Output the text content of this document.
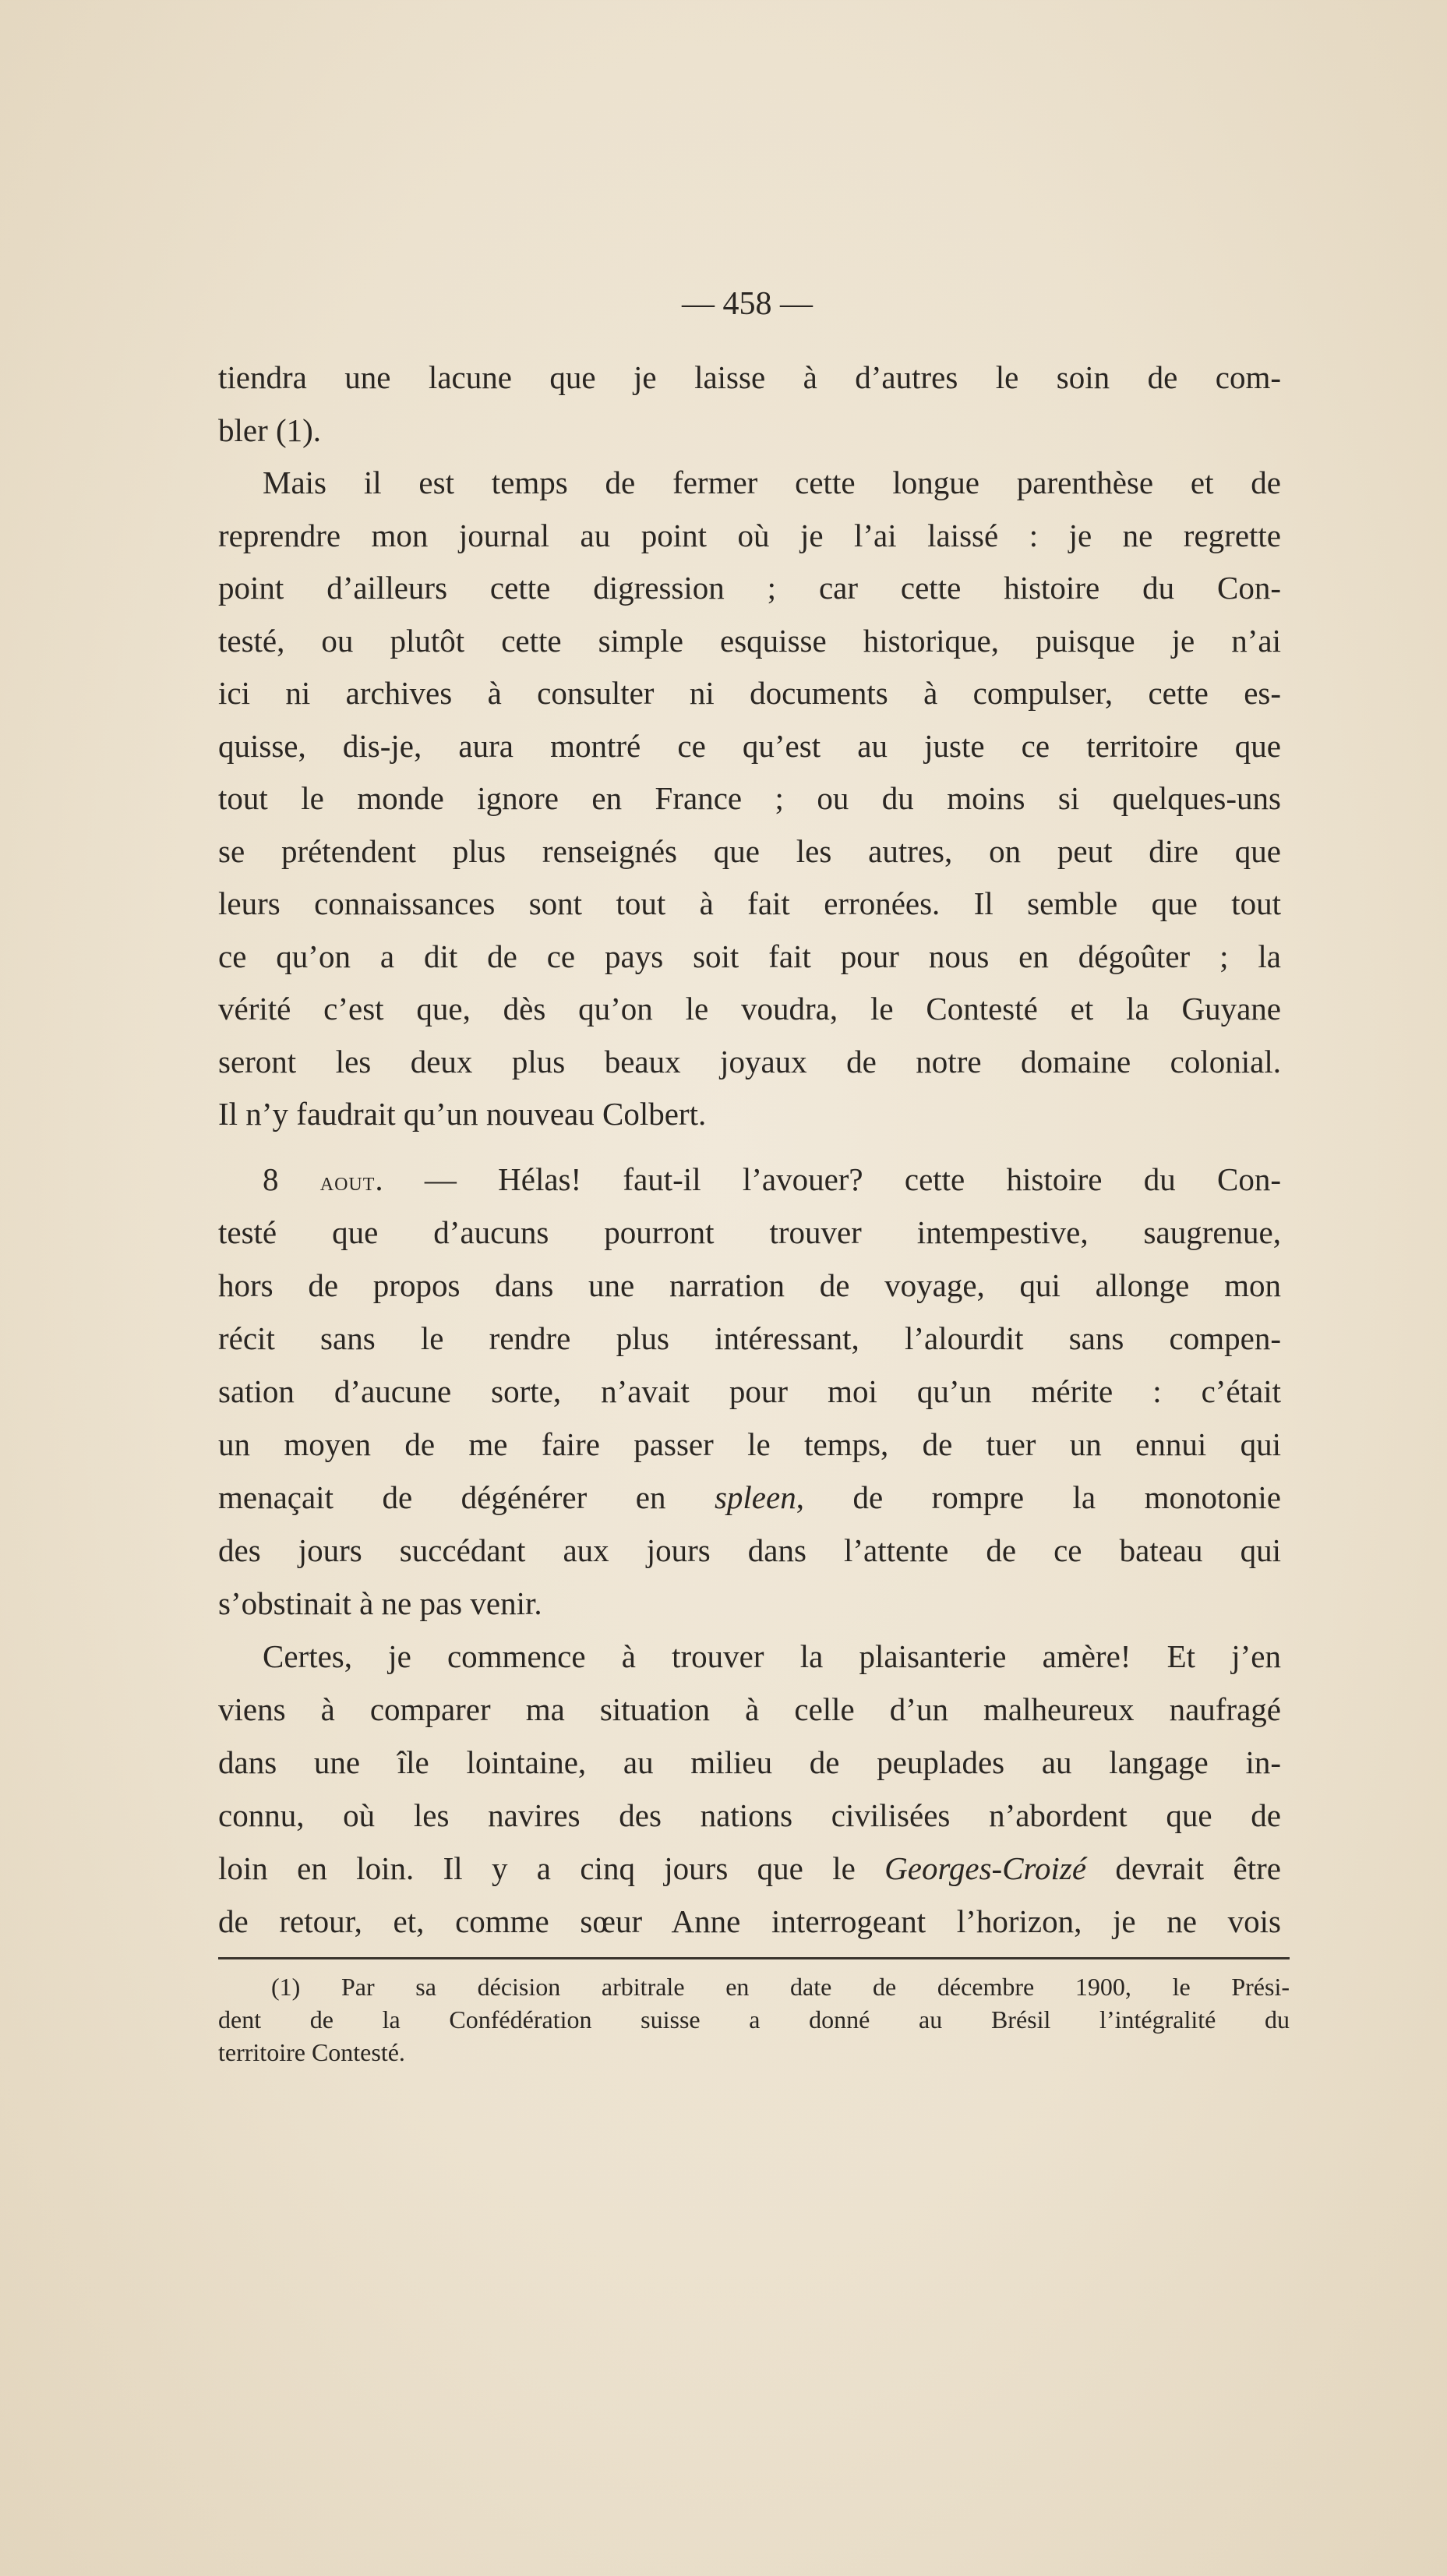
— 458 —
tiendra une lacune que je laisse à d’autres le soin de com-
bler (1).
Mais il est temps de fermer cette longue parenthèse et de
reprendre mon journal au point où je l’ai laissé : je ne regrette
point d’ailleurs cette digression ; car cette histoire du Con-
testé, ou plutôt cette simple esquisse historique, puisque je n’ai
ici ni archives à consulter ni documents à compulser, cette es-
quisse, dis-je, aura montré ce qu’est au juste ce territoire que
tout le monde ignore en France ; ou du moins si quelques-uns
se prétendent plus renseignés que les autres, on peut dire que
leurs connaissances sont tout à fait erronées. Il semble que tout
ce qu’on a dit de ce pays soit fait pour nous en dégoûter ; la
vérité c’est que, dès qu’on le voudra, le Contesté et la Guyane
seront les deux plus beaux joyaux de notre domaine colonial.
Il n’y faudrait qu’un nouveau Colbert.
8 aout. — Hélas! faut-il l’avouer? cette histoire du Con-
testé que d’aucuns pourront trouver intempestive, saugrenue,
hors de propos dans une narration de voyage, qui allonge mon
récit sans le rendre plus intéressant, l’alourdit sans compen-
sation d’aucune sorte, n’avait pour moi qu’un mérite : c’était
un moyen de me faire passer le temps, de tuer un ennui qui
menaçait de dégénérer en spleen, de rompre la monotonie
des jours succédant aux jours dans l’attente de ce bateau qui
s’obstinait à ne pas venir.
Certes, je commence à trouver la plaisanterie amère! Et j’en
viens à comparer ma situation à celle d’un malheureux naufragé
dans une île lointaine, au milieu de peuplades au langage in-
connu, où les navires des nations civilisées n’abordent que de
loin en loin. Il y a cinq jours que le Georges-Croizé devrait être
de retour, et, comme sœur Anne interrogeant l’horizon, je ne vois
(1) Par sa décision arbitrale en date de décembre 1900, le Prési-
dent de la Confédération suisse a donné au Brésil l’intégralité du
territoire Contesté.
